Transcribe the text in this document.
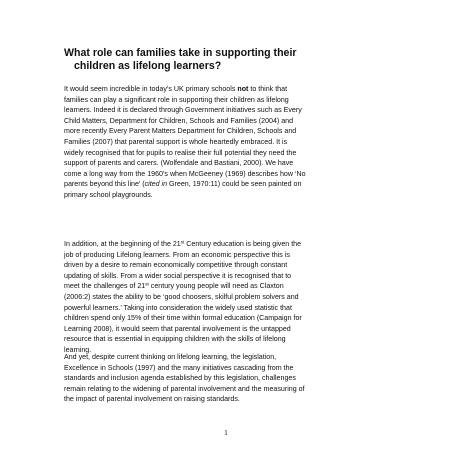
What role can families take in supporting their
children as lifelong learners?
It would seem incredible in today’s UK primary schools not to think that
families can play a significant role in supporting their children as lifelong
learners. Indeed it is declared through Government initiatives such as Every
Child Matters, Department for Children, Schools and Families (2004) and
more recently Every Parent Matters Department for Children, Schools and
Families (2007) that parental support is whole heartedly embraced. It is
widely recognised that for pupils to realise their full potential they need the
support of parents and carers. (Wolfendale and Bastiani, 2000). We have
come a long way from the 1960’s when McGeeney (1969) describes how ‘No
parents beyond this line’ (cited in Green, 1970:11) could be seen painted on
primary school playgrounds.
In addition, at the beginning of the 21st Century education is being given the
job of producing Lifelong learners. From an economic perspective this is
driven by a desire to remain economically competitive through constant
updating of skills. From a wider social perspective it is recognised that to
meet the challenges of 21st century young people will need as Claxton
(2006:2) states the ability to be ‘good choosers, skilful problem solvers and
powerful learners.’ Taking into consideration the widely used statistic that
children spend only 15% of their time within formal education (Campaign for
Learning 2008), it would seem that parental involvement is the untapped
resource that is essential in equipping children with the skills of lifelong
learning.
And yet, despite current thinking on lifelong learning, the legislation,
Excellence in Schools (1997) and the many initiatives cascading from the
standards and inclusion agenda established by this legislation, challenges
remain relating to the widening of parental involvement and the measuring of
the impact of parental involvement on raising standards.
1
